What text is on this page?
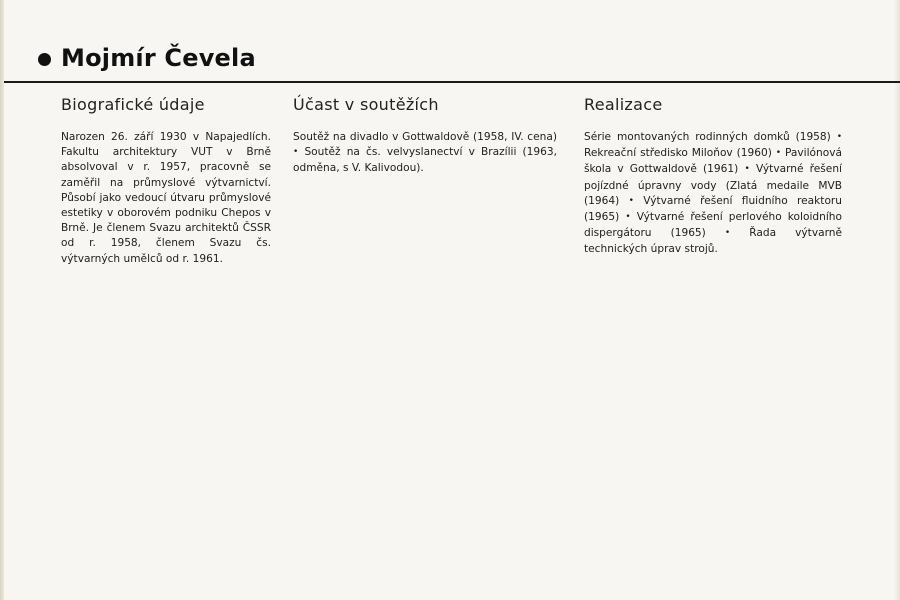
Mojmír Čevela
Biografické údaje

Narozen 26. září 1930 v Napajedlích. Fakultu architektury VUT v Brně absolvoval v r. 1957, pracovně se zaměřil na průmyslové výtvarnictví. Působí jako vedoucí útvaru průmyslové estetiky v oborovém podniku Chepos v Brně. Je členem Svazu architektů ČSSR od r. 1958, členem Svazu čs. výtvarných umělců od r. 1961.

Účast v soutěžích

Soutěž na divadlo v Gottwaldově (1958, IV. cena) • Soutěž na čs. velvyslanectví v Brazílii (1963, odměna, s V. Kalivodou).

Realizace

Série montovaných rodinných domků (1958) • Rekreační středisko Miloňov (1960) • Pavilónová škola v Gottwaldově (1961) • Výtvarné řešení pojízdné úpravny vody (Zlatá medaile MVB (1964) • Výtvarné řešení fluidního reaktoru (1965) • Výtvarné řešení perlového koloidního dispergátoru (1965) • Řada výtvarně technických úprav strojů.
